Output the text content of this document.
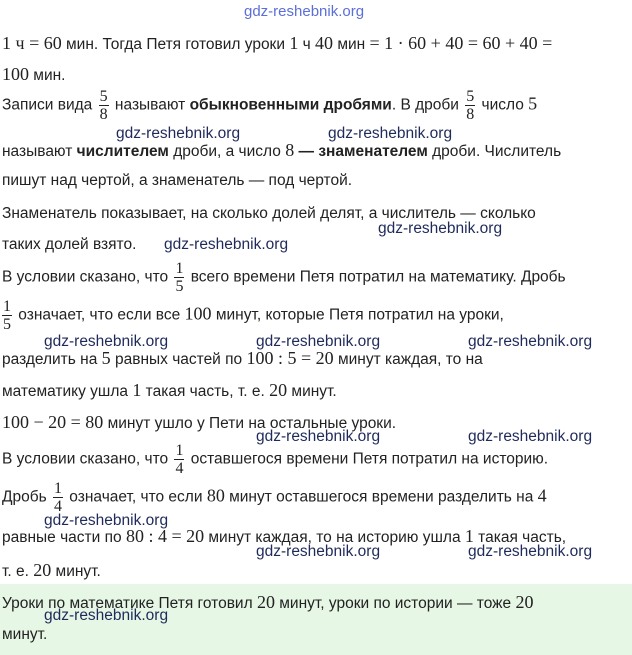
gdz-reshebnik.org
1 ч = 60 мин. Тогда Петя готовил уроки 1 ч 40 мин = 1 · 60 + 40 = 60 + 40 =
100 мин.
Записи вида $\frac{5}{8}$ называют обыкновенными дробями. В дроби $\frac{5}{8}$ число 5
gdz-reshebnik.org	gdz-reshebnik.org
называют числителем дроби, а число 8 — знаменателем дроби. Числитель
пишут над чертой, а знаменатель — под чертой.
Знаменатель показывает, на сколько долей делят, а числитель — сколько
gdz-reshebnik.org
таких долей взято. gdz-reshebnik.org
В условии сказано, что $\frac{1}{5}$ всего времени Петя потратил на математику. Дробь
$\frac{1}{5}$ означает, что если все 100 минут, которые Петя потратил на уроки,
gdz-reshebnik.org	gdz-reshebnik.org	gdz-reshebnik.org
разделить на 5 равных частей по 100 : 5 = 20 минут каждая, то на
математику ушла 1 такая часть, т. е. 20 минут.
100 − 20 = 80 минут ушло у Пети на остальные уроки.
gdz-reshebnik.org	gdz-reshebnik.org
В условии сказано, что $\frac{1}{4}$ оставшегося времени Петя потратил на историю.
Дробь $\frac{1}{4}$ означает, что если 80 минут оставшегося времени разделить на 4
gdz-reshebnik.org
равные части по 80 : 4 = 20 минут каждая, то на историю ушла 1 такая часть,
gdz-reshebnik.org	gdz-reshebnik.org
т. е. 20 минут.
Уроки по математике Петя готовил 20 минут, уроки по истории — тоже 20
gdz-reshebnik.org
минут.
